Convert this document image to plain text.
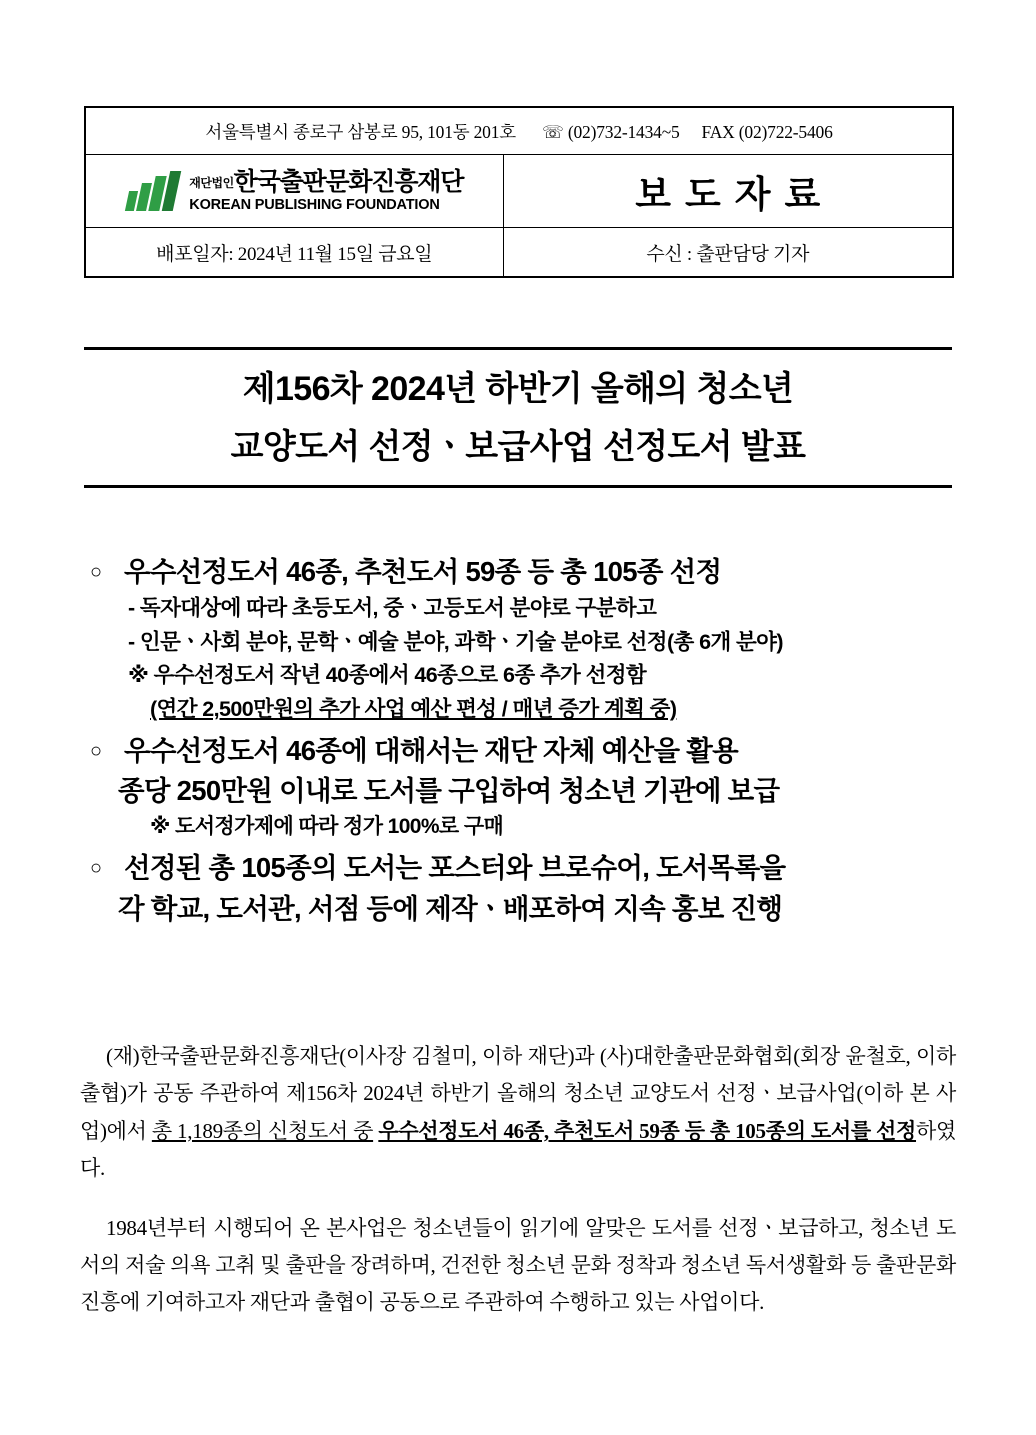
서울특별시 종로구 삼봉로 95, 101동 201호 ☏ (02)732-1434~5 FAX (02)722-5406	

재단법인한국출판문화진흥재단
KOREAN PUBLISHING FOUNDATION	보도자료
배포일자: 2024년 11월 15일 금요일	수신 : 출판담당 기자
제156차 2024년 하반기 올해의 청소년
교양도서 선정ㆍ보급사업 선정도서 발표
○ 우수선정도서 46종, 추천도서 59종 등 총 105종 선정
- 독자대상에 따라 초등도서, 중ㆍ고등도서 분야로 구분하고
- 인문ㆍ사회 분야, 문학ㆍ예술 분야, 과학ㆍ기술 분야로 선정(총 6개 분야)
※ 우수선정도서 작년 40종에서 46종으로 6종 추가 선정함
(연간 2,500만원의 추가 사업 예산 편성 / 매년 증가 계획 중)
○ 우수선정도서 46종에 대해서는 재단 자체 예산을 활용
종당 250만원 이내로 도서를 구입하여 청소년 기관에 보급
※ 도서정가제에 따라 정가 100%로 구매
○ 선정된 총 105종의 도서는 포스터와 브로슈어, 도서목록을
각 학교, 도서관, 서점 등에 제작ㆍ배포하여 지속 홍보 진행

(재)한국출판문화진흥재단(이사장 김철미, 이하 재단)과 (사)대한출판문화협회(회장 윤철호, 이하 출협)가 공동 주관하여 제156차 2024년 하반기 올해의 청소년 교양도서 선정ㆍ보급사업(이하 본 사업)에서 총 1,189종의 신청도서 중 우수선정도서 46종, 추천도서 59종 등 총 105종의 도서를 선정하였다.

1984년부터 시행되어 온 본사업은 청소년들이 읽기에 알맞은 도서를 선정ㆍ보급하고, 청소년 도서의 저술 의욕 고취 및 출판을 장려하며, 건전한 청소년 문화 정착과 청소년 독서생활화 등 출판문화진흥에 기여하고자 재단과 출협이 공동으로 주관하여 수행하고 있는 사업이다.
